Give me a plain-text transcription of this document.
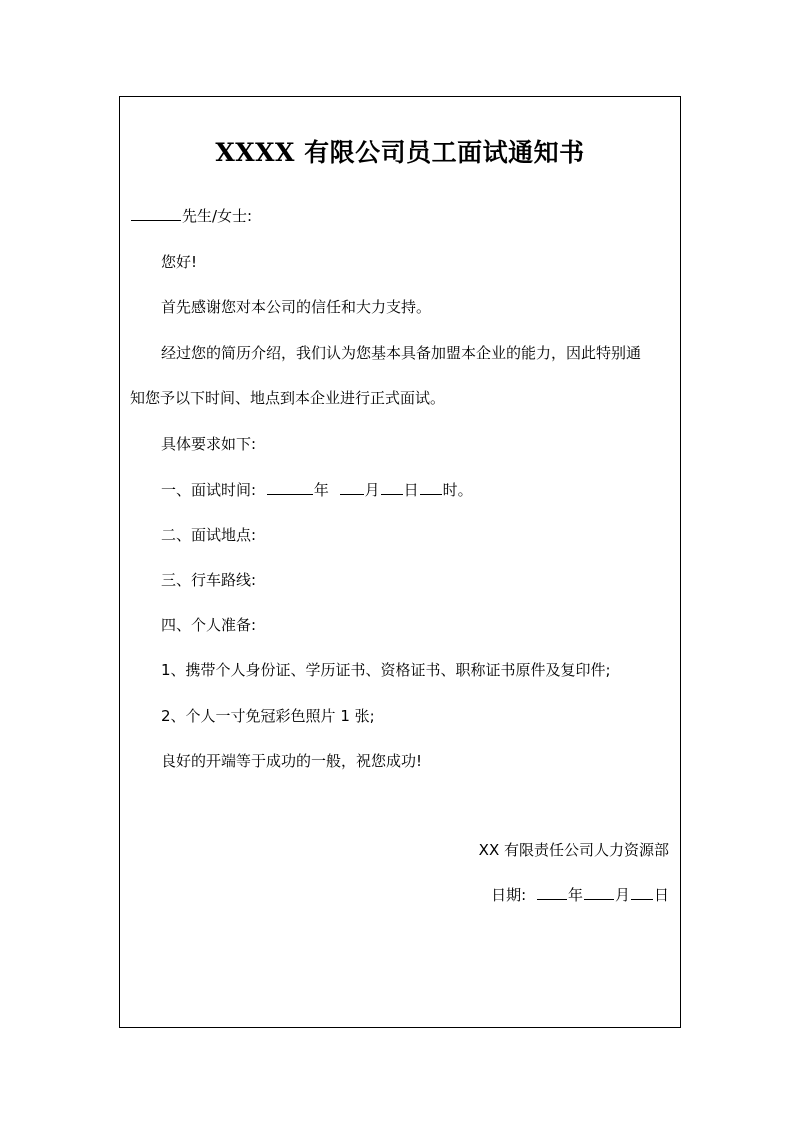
XXXX 有限公司员工面试通知书
先生/女士:
您好!
首先感谢您对本公司的信任和大力支持。
经过您的简历介绍，我们认为您基本具备加盟本企业的能力，因此特别通
知您予以下时间、地点到本企业进行正式面试。
具体要求如下:
一、面试时间:	年 月 日 时。
二、面试地点:
三、行车路线:
四、个人准备:
1、携带个人身份证、学历证书、资格证书、职称证书原件及复印件;
2、个人一寸免冠彩色照片 1 张;
良好的开端等于成功的一般，祝您成功!
XX 有限责任公司人力资源部
日期:	年 月 日
